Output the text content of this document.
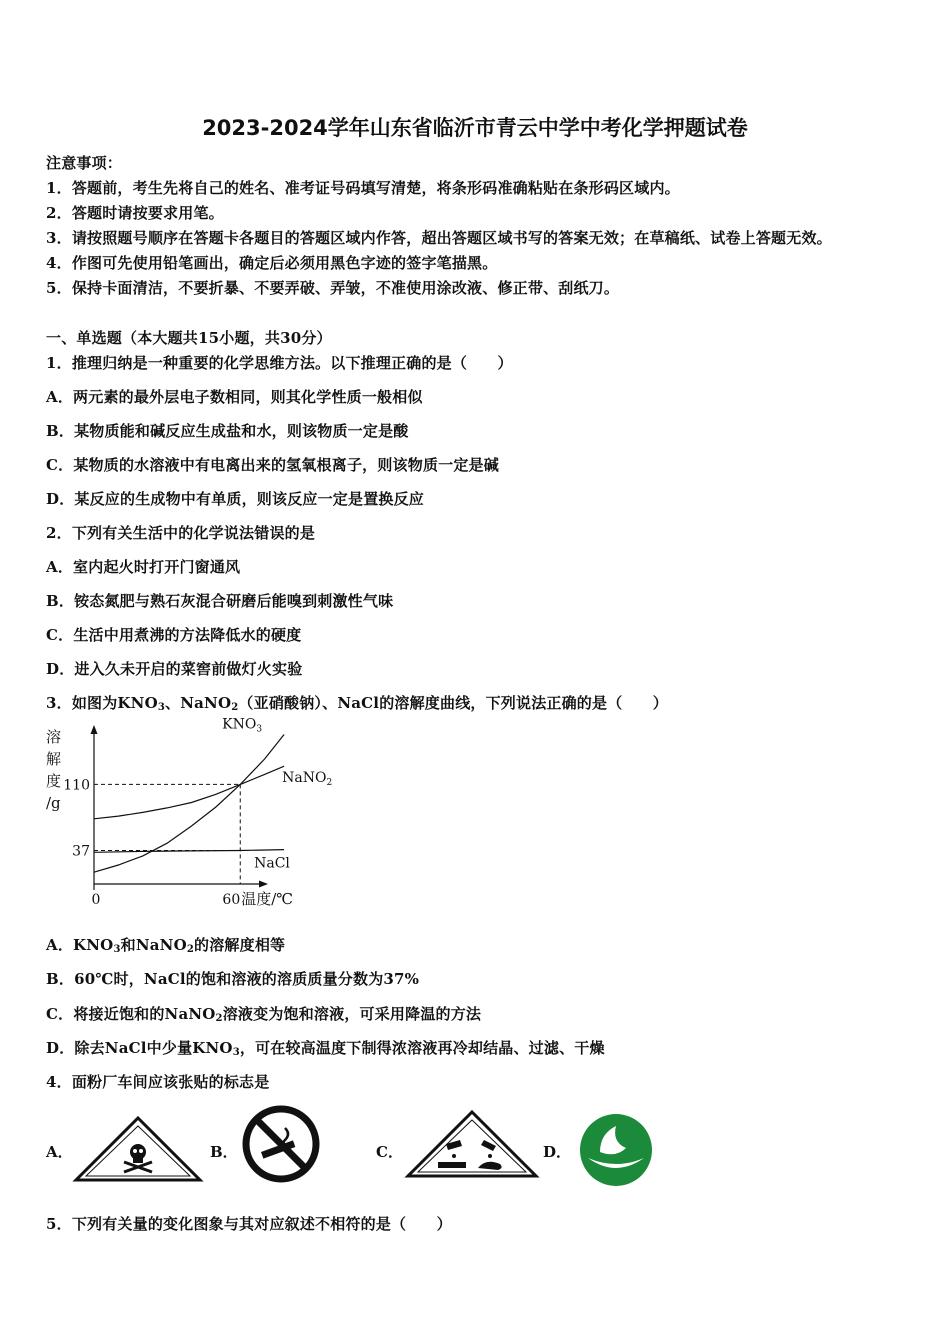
2023-2024学年山东省临沂市青云中学中考化学押题试卷
注意事项：
1．答题前，考生先将自己的姓名、准考证号码填写清楚，将条形码准确粘贴在条形码区域内。
2．答题时请按要求用笔。
3．请按照题号顺序在答题卡各题目的答题区域内作答，超出答题区域书写的答案无效；在草稿纸、试卷上答题无效。
4．作图可先使用铅笔画出，确定后必须用黑色字迹的签字笔描黑。
5．保持卡面清洁，不要折暴、不要弄破、弄皱，不准使用涂改液、修正带、刮纸刀。
一、单选题（本大题共15小题，共30分）
1．推理归纳是一种重要的化学思维方法。以下推理正确的是（　　）
A．两元素的最外层电子数相同，则其化学性质一般相似
B．某物质能和碱反应生成盐和水，则该物质一定是酸
C．某物质的水溶液中有电离出来的氢氧根离子，则该物质一定是碱
D．某反应的生成物中有单质，则该反应一定是置换反应
2．下列有关生活中的化学说法错误的是
A．室内起火时打开门窗通风
B．铵态氮肥与熟石灰混合研磨后能嗅到刺激性气味
C．生活中用煮沸的方法降低水的硬度
D．进入久未开启的菜窖前做灯火实验
3．如图为$KNO_3$、NaNO$_2$（亚硝酸钠）、NaCl的溶解度曲线，下列说法正确的是（　　）
溶
解
度
/g
110
37
0	60 温度/℃
$KNO_3$
NaNO$_2$
NaCl
A．$KNO_3$和NaNO$_2$的溶解度相等
B．60℃时，NaCl的饱和溶液的溶质质量分数为37%
C．将接近饱和的NaNO$_2$溶液变为饱和溶液，可采用降温的方法
D．除去NaCl中少量$KNO_3$，可在较高温度下制得浓溶液再冷却结晶、过滤、干燥
4．面粉厂车间应该张贴的标志是
A．	B．	C．	D．
5．下列有关量的变化图象与其对应叙述不相符的是（　　）
